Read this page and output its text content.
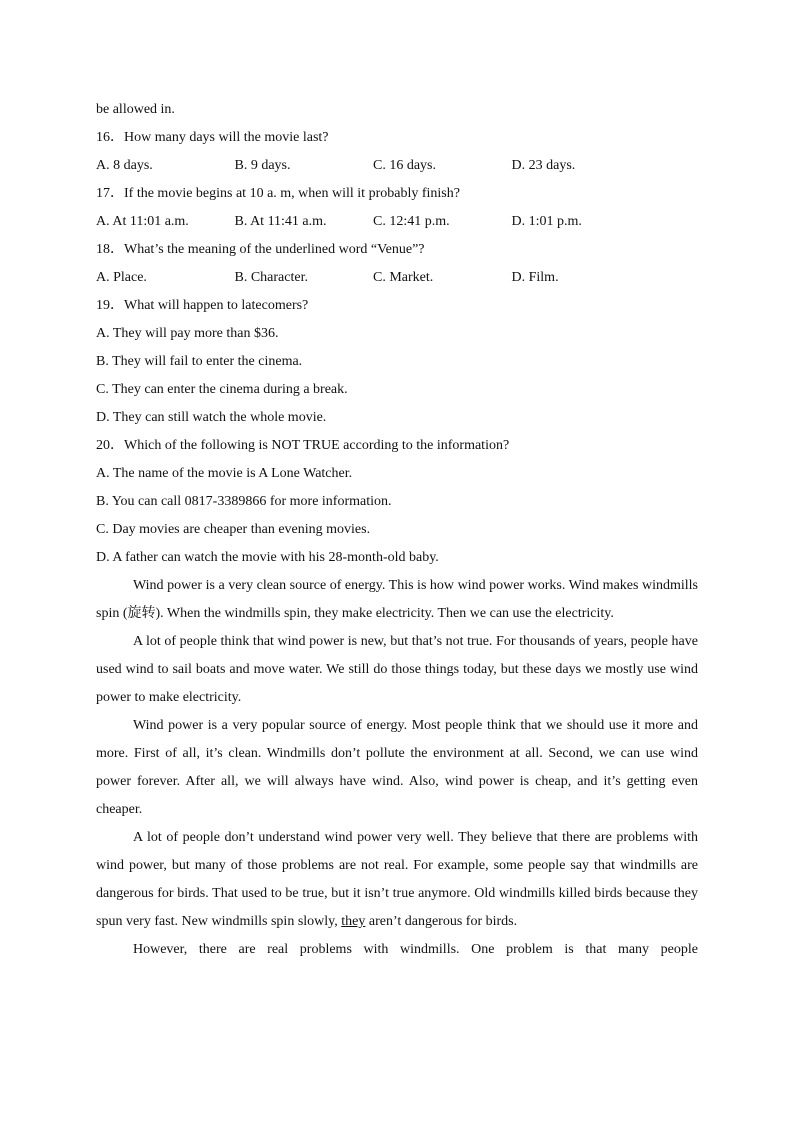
be allowed in.
16．How many days will the movie last?
A. 8 days.	B. 9 days.	C. 16 days.	D. 23 days.
17．If the movie begins at 10 a. m, when will it probably finish?
A. At 11:01 a.m.	B. At 11:41 a.m.	C. 12:41 p.m.	D. 1:01 p.m.
18．What’s the meaning of the underlined word “Venue”?
A. Place.	B. Character.	C. Market.	D. Film.
19．What will happen to latecomers?
A. They will pay more than $36.
B. They will fail to enter the cinema.
C. They can enter the cinema during a break.
D. They can still watch the whole movie.
20．Which of the following is NOT TRUE according to the information?
A. The name of the movie is A Lone Watcher.
B. You can call 0817-3389866 for more information.
C. Day movies are cheaper than evening movies.
D. A father can watch the movie with his 28-month-old baby.
Wind power is a very clean source of energy. This is how wind power works. Wind makes windmills spin (旋转). When the windmills spin, they make electricity. Then we can use the electricity.
A lot of people think that wind power is new, but that’s not true. For thousands of years, people have used wind to sail boats and move water. We still do those things today, but these days we mostly use wind power to make electricity.
Wind power is a very popular source of energy. Most people think that we should use it more and more. First of all, it’s clean. Windmills don’t pollute the environment at all. Second, we can use wind power forever. After all, we will always have wind. Also, wind power is cheap, and it’s getting even cheaper.
A lot of people don’t understand wind power very well. They believe that there are problems with wind power, but many of those problems are not real. For example, some people say that windmills are dangerous for birds. That used to be true, but it isn’t true anymore. Old windmills killed birds because they spun very fast. New windmills spin slowly, they aren’t dangerous for birds.
However, there are real problems with windmills. One problem is that many people
